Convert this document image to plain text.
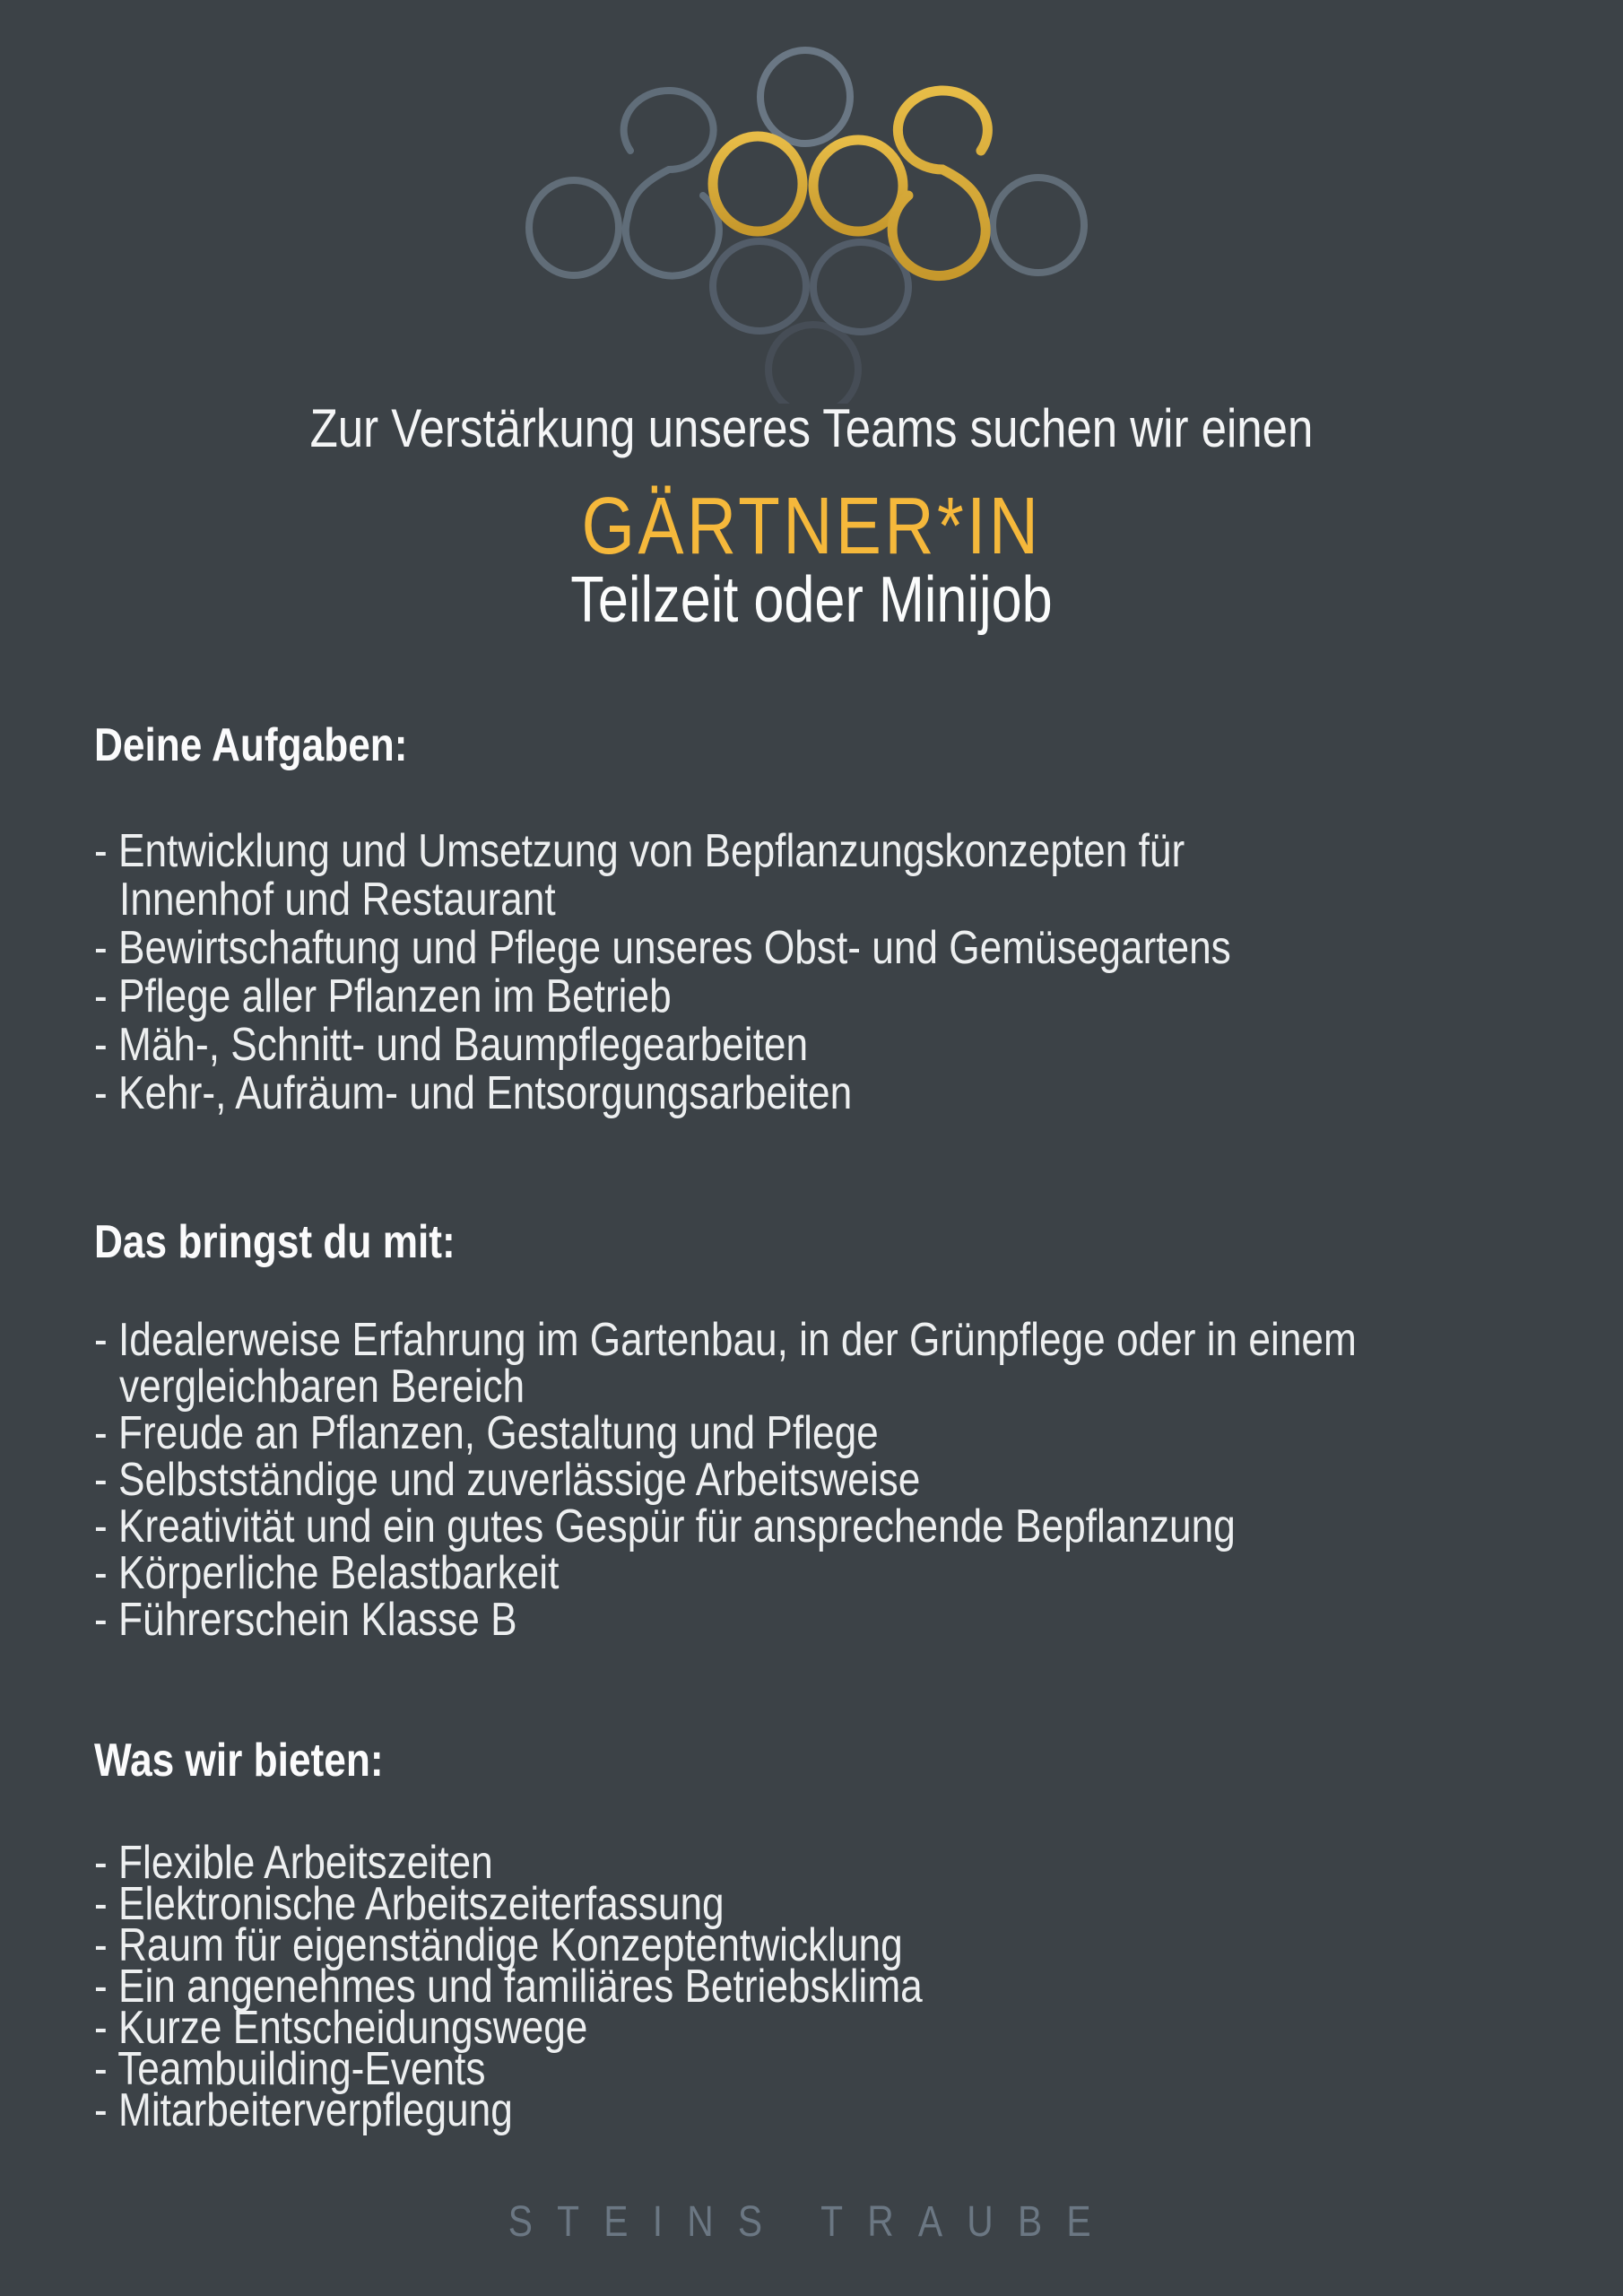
Zur Verstärkung unseres Teams suchen wir einen
GÄRTNER*IN
Teilzeit oder Minijob
Deine Aufgaben:
- Entwicklung und Umsetzung von Bepflanzungskonzepten für
Innenhof und Restaurant
- Bewirtschaftung und Pflege unseres Obst- und Gemüsegartens
- Pflege aller Pflanzen im Betrieb
- Mäh-, Schnitt- und Baumpflegearbeiten
- Kehr-, Aufräum- und Entsorgungsarbeiten
Das bringst du mit:
- Idealerweise Erfahrung im Gartenbau, in der Grünpflege oder in einem
vergleichbaren Bereich
- Freude an Pflanzen, Gestaltung und Pflege
- Selbstständige und zuverlässige Arbeitsweise
- Kreativität und ein gutes Gespür für ansprechende Bepflanzung
- Körperliche Belastbarkeit
- Führerschein Klasse B
Was wir bieten:
- Flexible Arbeitszeiten
- Elektronische Arbeitszeiterfassung
- Raum für eigenständige Konzeptentwicklung
- Ein angenehmes und familiäres Betriebsklima
- Kurze Entscheidungswege
- Teambuilding-Events
- Mitarbeiterverpflegung
STEINS TRAUBE
